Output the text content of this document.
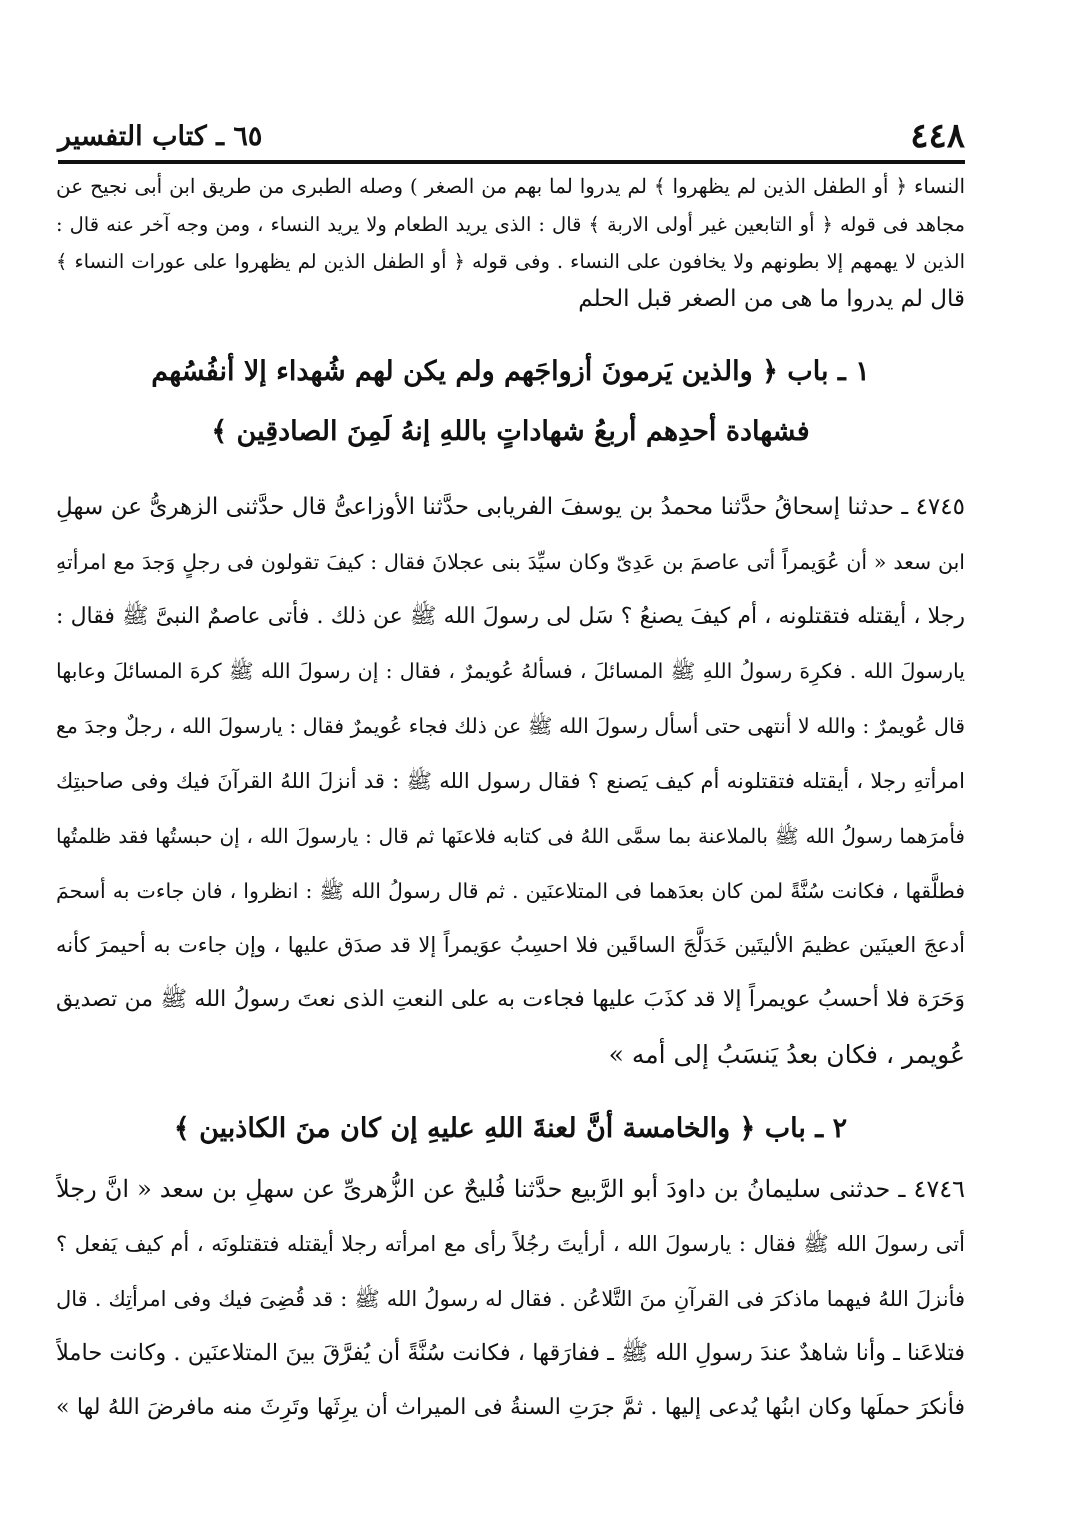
٤٤٨
٦٥ ـ كتاب التفسير
النساء ﴿ أو الطفل الذين لم يظهروا ﴾ لم يدروا لما بهم من الصغر ) وصله الطبرى من طريق ابن أبى نجيح عن
مجاهد فى قوله ﴿ أو التابعين غير أولى الاربة ﴾ قال : الذى يريد الطعام ولا يريد النساء ، ومن وجه آخر عنه قال :
الذين لا يهمهم إلا بطونهم ولا يخافون على النساء . وفى قوله ﴿ أو الطفل الذين لم يظهروا على عورات النساء ﴾
قال لم يدروا ما هى من الصغر قبل الحلم
١ ـ باب ﴿ والذين يَرمونَ أزواجَهم ولم يكن لهم شُهداء إلا أنفُسُهم
فشهادة أحدِهم أربعُ شهاداتٍ باللهِ إنهُ لَمِنَ الصادقِين ﴾
٤٧٤٥ ـ حدثنا إسحاقُ حدَّثنا محمدُ بن يوسفَ الفريابى حدَّثنا الأوزاعىُّ قال حدَّثنى الزهرىُّ عن سهلِ
ابن سعد « أن عُوَيمراً أتى عاصمَ بن عَدِىّ وكان سيِّدَ بنى عجلانَ فقال : كيفَ تقولون فى رجلٍ وَجدَ مع امرأتهِ
رجلا ، أيقتله فتقتلونه ، أم كيفَ يصنعُ ؟ سَل لى رسولَ الله ﷺ عن ذلك . فأتى عاصمٌ النبىَّ ﷺ فقال :
يارسولَ الله . فكرِهَ رسولُ اللهِ ﷺ المسائلَ ، فسألهُ عُويمرٌ ، فقال : إن رسولَ الله ﷺ كرهَ المسائلَ وعابها
قال عُويمرٌ : والله لا أنتهى حتى أسأل رسولَ الله ﷺ عن ذلك فجاء عُويمرٌ فقال : يارسولَ الله ، رجلٌ وجدَ مع
امرأتهِ رجلا ، أيقتله فتقتلونه أم كيف يَصنع ؟ فقال رسول الله ﷺ : قد أنزلَ اللهُ القرآنَ فيك وفى صاحبتِك
فأمرَهما رسولُ الله ﷺ بالملاعنة بما سمَّى اللهُ فى كتابه فلاعنَها ثم قال : يارسولَ الله ، إن حبستُها فقد ظلمتُها
فطلَّقها ، فكانت سُنَّةً لمن كان بعدَهما فى المتلاعنَين . ثم قال رسولُ الله ﷺ : انظروا ، فان جاءت به أسحمَ
أدعجَ العينَين عظيمَ الأليتَين خَدَلَّجَ الساقَين فلا احسِبُ عوَيمراً إلا قد صدَق عليها ، وإن جاءت به أحيمرَ كأنه
وَحَرَة فلا أحسبُ عويمراً إلا قد كذَبَ عليها فجاءت به على النعتِ الذى نعتَ رسولُ الله ﷺ من تصديق
عُويمر ، فكان بعدُ يَنسَبُ إلى أمه »
٢ ـ باب ﴿ والخامسة أنَّ لعنةَ اللهِ عليهِ إن كان منَ الكاذبين ﴾
٤٧٤٦ ـ حدثنى سليمانُ بن داودَ أبو الرَّبيع حدَّثنا فُليحٌ عن الزُّهرىِّ عن سهلِ بن سعد « انَّ رجلاً
أتى رسولَ الله ﷺ فقال : يارسولَ الله ، أرأيتَ رجُلاً رأى مع امرأته رجلا أيقتله فتقتلونَه ، أم كيف يَفعل ؟
فأنزلَ اللهُ فيهما ماذكرَ فى القرآنِ منَ التَّلاعُن . فقال له رسولُ الله ﷺ : قد قُضِىَ فيك وفى امرأتِك . قال
فتلاعَنا ـ وأنا شاهدٌ عندَ رسولِ الله ﷺ ـ ففارَقها ، فكانت سُنَّةً أن يُفرَّقَ بينَ المتلاعنَين . وكانت حاملاً
فأنكرَ حملَها وكان ابنُها يُدعى إليها . ثمَّ جرَتِ السنةُ فى الميراث أن يرِثَها وتَرِثَ منه مافرضَ اللهُ لها »
